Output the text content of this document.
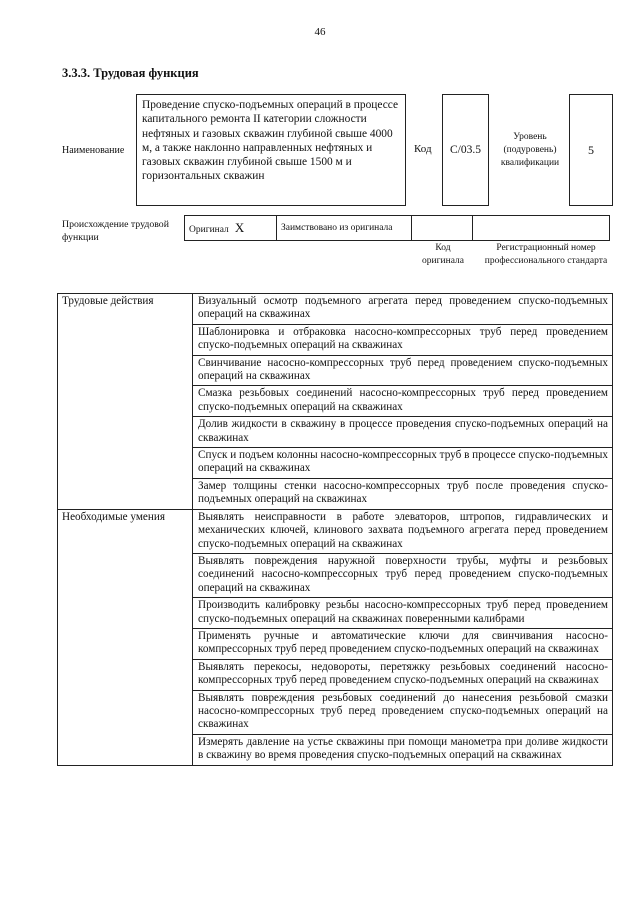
46
3.3.3. Трудовая функция
Наименование
Проведение спуско-подъемных операций в процессе капитального ремонта II категории сложности нефтяных и газовых скважин глубиной свыше 4000 м, а также наклонно направленных нефтяных и газовых скважин глубиной свыше 1500 м и горизонтальных скважин
Код C/03.5
Уровень (подуровень) квалификации
5
Происхождение трудовой функции
Оригинал X	Заимствовано из оригинала		
Код оригинала
Регистрационный номер профессионального стандарта
Трудовые действия	Визуальный осмотр подъемного агрегата перед проведением спуско-подъемных операций на скважинах
	Шаблонировка и отбраковка насосно-компрессорных труб перед проведением спуско-подъемных операций на скважинах
	Свинчивание насосно-компрессорных труб перед проведением спуско-подъемных операций на скважинах
	Смазка резьбовых соединений насосно-компрессорных труб перед проведением спуско-подъемных операций на скважинах
	Долив жидкости в скважину в процессе проведения спуско-подъемных операций на скважинах
	Спуск и подъем колонны насосно-компрессорных труб в процессе спуско-подъемных операций на скважинах
	Замер толщины стенки насосно-компрессорных труб после проведения спуско-подъемных операций на скважинах
Необходимые умения	Выявлять неисправности в работе элеваторов, штропов, гидравлических и механических ключей, клинового захвата подъемного агрегата перед проведением спуско-подъемных операций на скважинах
	Выявлять повреждения наружной поверхности трубы, муфты и резьбовых соединений насосно-компрессорных труб перед проведением спуско-подъемных операций на скважинах
	Производить калибровку резьбы насосно-компрессорных труб перед проведением спуско-подъемных операций на скважинах поверенными калибрами
	Применять ручные и автоматические ключи для свинчивания насосно-компрессорных труб перед проведением спуско-подъемных операций на скважинах
	Выявлять перекосы, недовороты, перетяжку резьбовых соединений насосно-компрессорных труб перед проведением спуско-подъемных операций на скважинах
	Выявлять повреждения резьбовых соединений до нанесения резьбовой смазки насосно-компрессорных труб перед проведением спуско-подъемных операций на скважинах
	Измерять давление на устье скважины при помощи манометра при доливе жидкости в скважину во время проведения спуско-подъемных операций на скважинах
